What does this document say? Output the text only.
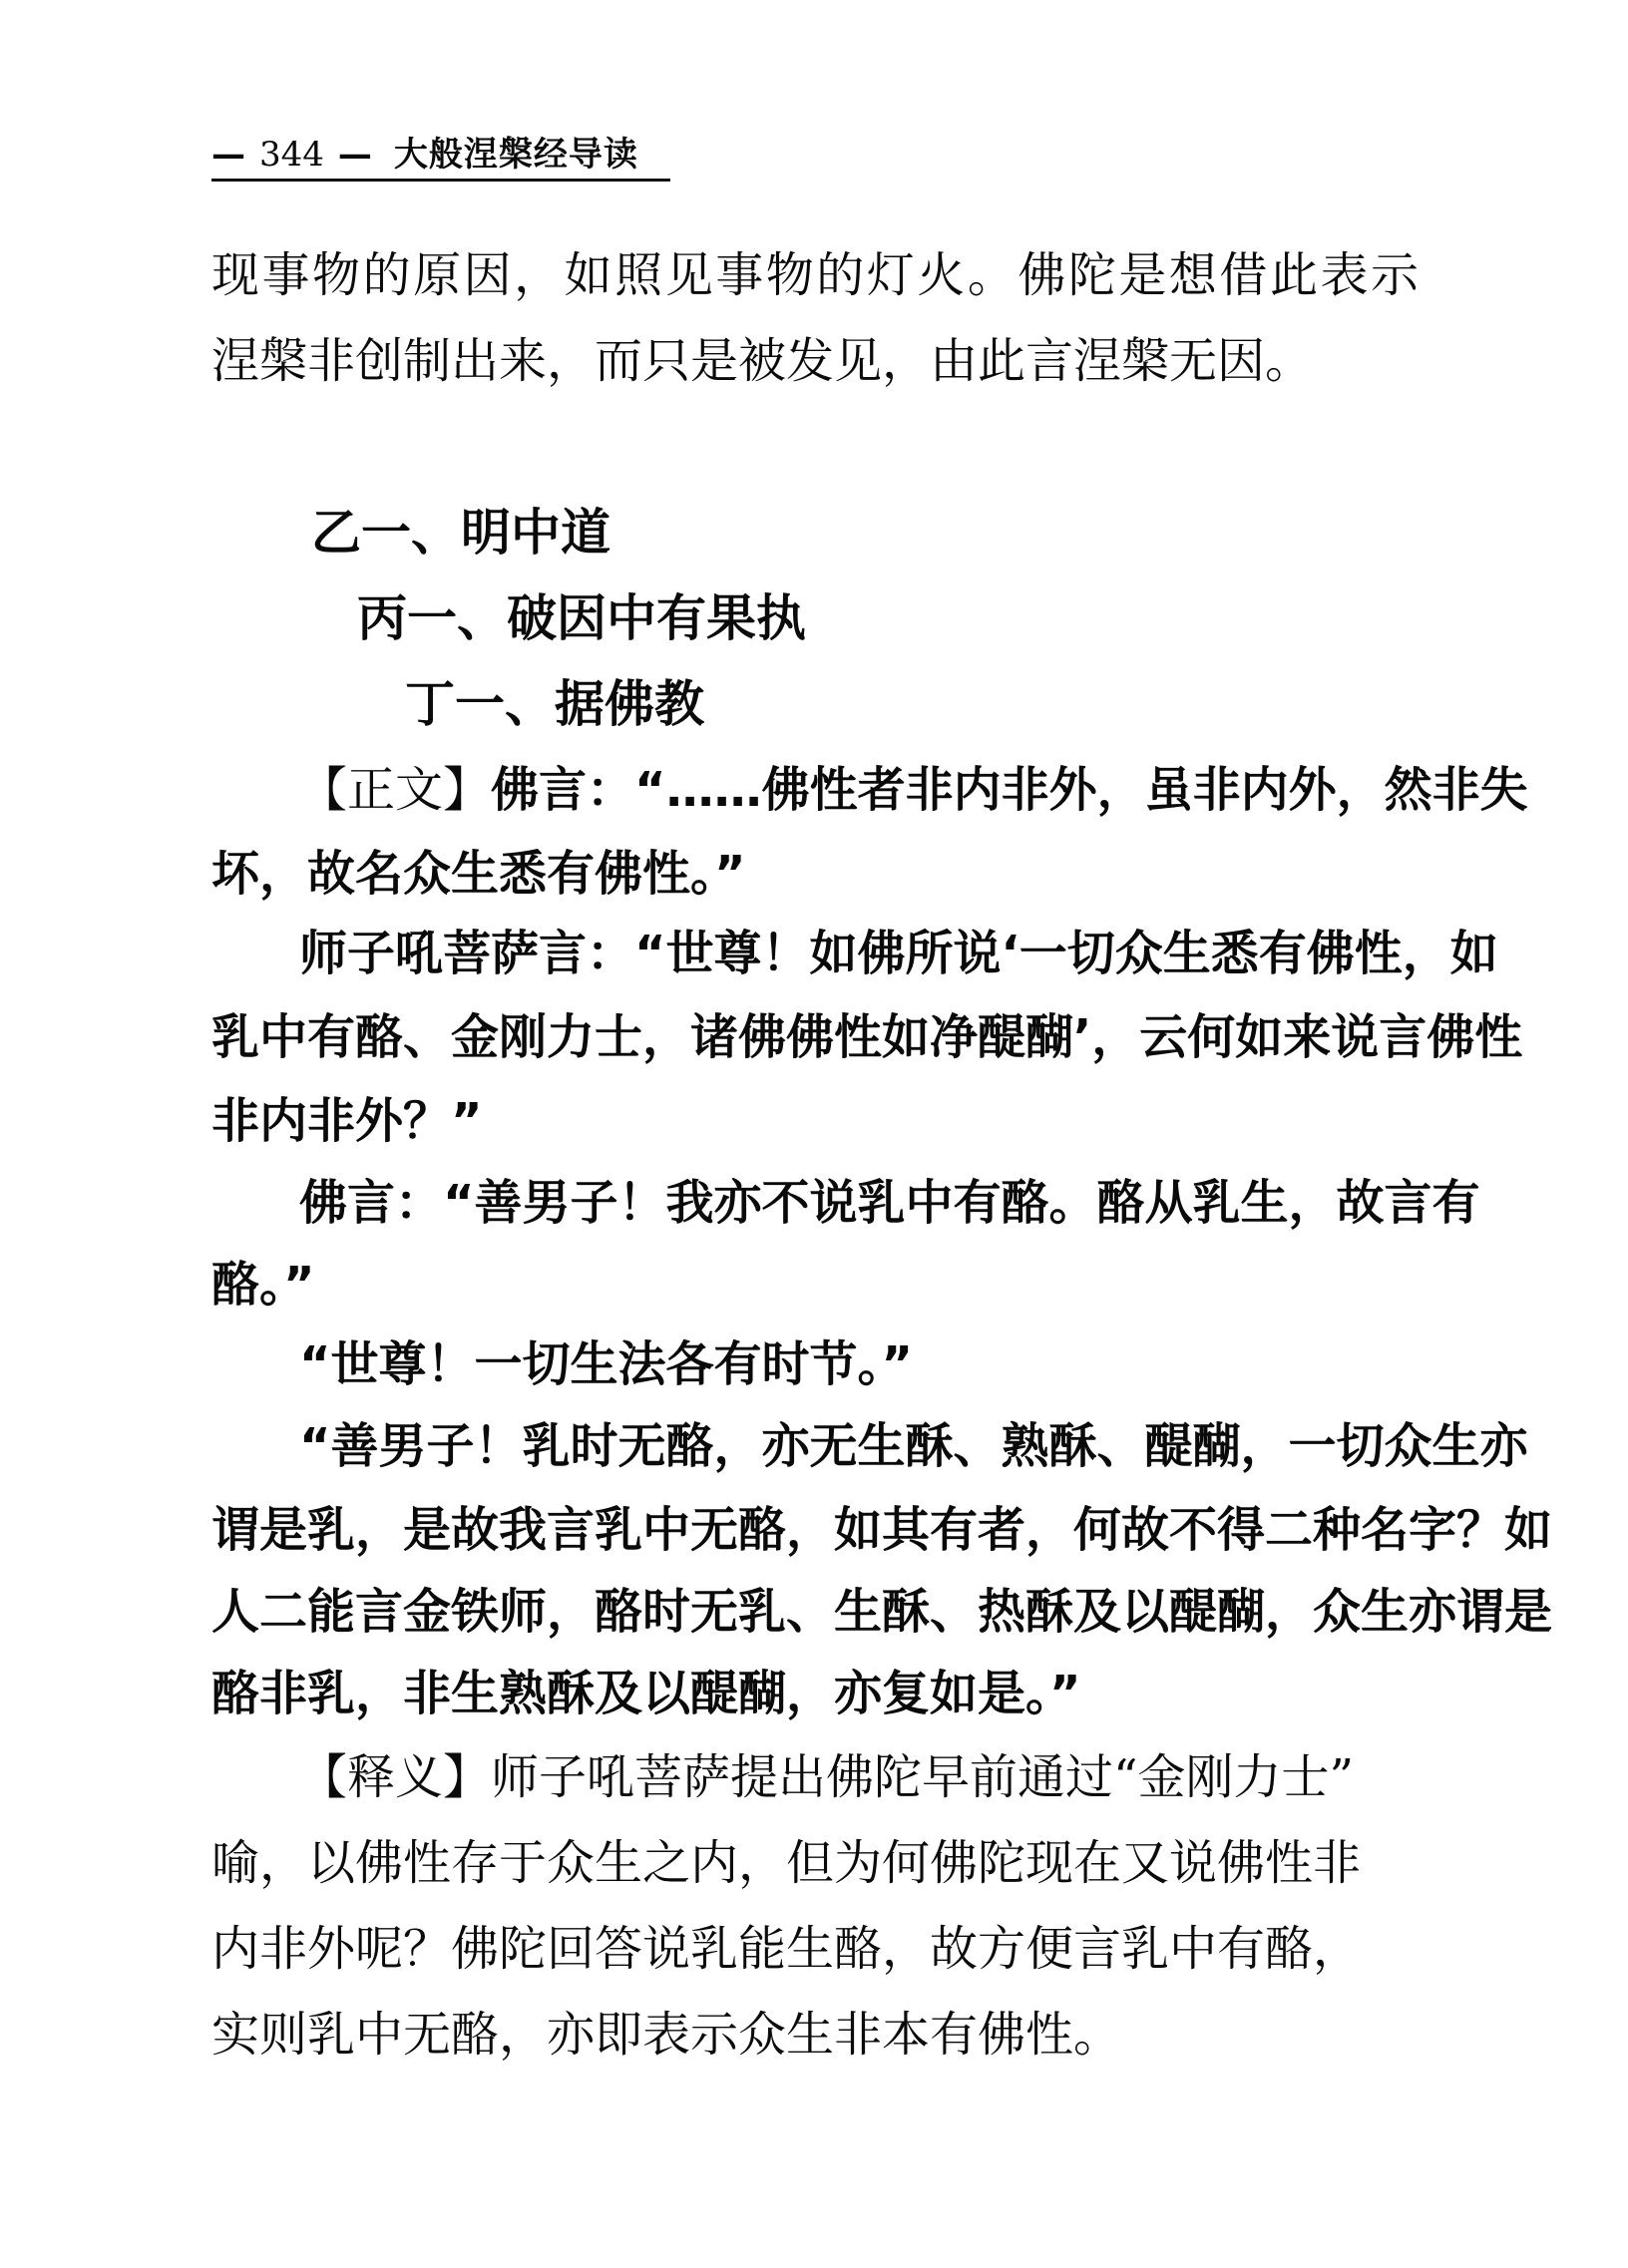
— 344 — 大般涅槃经导读
现事物的原因，如照见事物的灯火。佛陀是想借此表示
涅槃非创制出来，而只是被发见，由此言涅槃无因。
乙一、明中道
丙一、破因中有果执
丁一、据佛教
【正文】佛言：“……佛性者非内非外，虽非内外，然非失
坏，故名众生悉有佛性。”
师子吼菩萨言：“世尊！如佛所说‘一切众生悉有佛性，如
乳中有酪、金刚力士，诸佛佛性如净醍醐’，云何如来说言佛性
非内非外？”
佛言：“善男子！我亦不说乳中有酪。酪从乳生，故言有
酪。”
“世尊！一切生法各有时节。”
“善男子！乳时无酪，亦无生酥、熟酥、醍醐，一切众生亦
谓是乳，是故我言乳中无酪，如其有者，何故不得二种名字？如
人二能言金铁师，酪时无乳、生酥、热酥及以醍醐，众生亦谓是
酪非乳，非生熟酥及以醍醐，亦复如是。”
【释义】师子吼菩萨提出佛陀早前通过“金刚力士”
喻，以佛性存于众生之内，但为何佛陀现在又说佛性非
内非外呢？佛陀回答说乳能生酪，故方便言乳中有酪，
实则乳中无酪，亦即表示众生非本有佛性。
